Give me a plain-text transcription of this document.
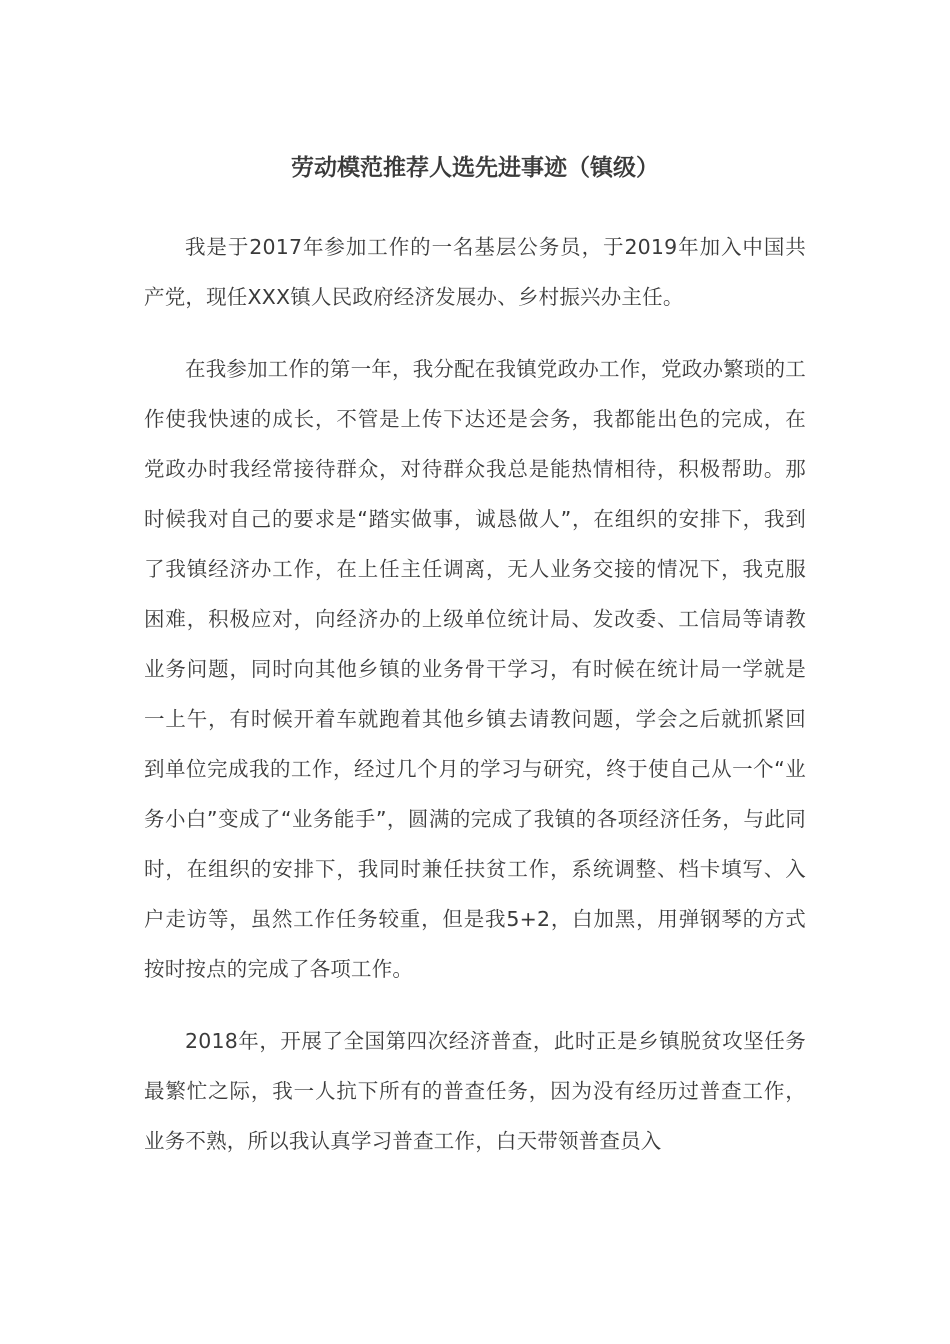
劳动模范推荐人选先进事迹（镇级）

我是于2017年参加工作的一名基层公务员，于2019年加入中国共产党，现任XXX镇人民政府经济发展办、乡村振兴办主任。

在我参加工作的第一年，我分配在我镇党政办工作，党政办繁琐的工作使我快速的成长，不管是上传下达还是会务，我都能出色的完成，在党政办时我经常接待群众，对待群众我总是能热情相待，积极帮助。那时候我对自己的要求是“踏实做事，诚恳做人”，在组织的安排下，我到了我镇经济办工作，在上任主任调离，无人业务交接的情况下，我克服困难，积极应对，向经济办的上级单位统计局、发改委、工信局等请教业务问题，同时向其他乡镇的业务骨干学习，有时候在统计局一学就是一上午，有时候开着车就跑着其他乡镇去请教问题，学会之后就抓紧回到单位完成我的工作，经过几个月的学习与研究，终于使自己从一个“业务小白”变成了“业务能手”，圆满的完成了我镇的各项经济任务，与此同时，在组织的安排下，我同时兼任扶贫工作，系统调整、档卡填写、入户走访等，虽然工作任务较重，但是我5+2，白加黑，用弹钢琴的方式按时按点的完成了各项工作。

2018年，开展了全国第四次经济普查，此时正是乡镇脱贫攻坚任务最繁忙之际，我一人抗下所有的普查任务，因为没有经历过普查工作，业务不熟，所以我认真学习普查工作，白天带领普查员入
